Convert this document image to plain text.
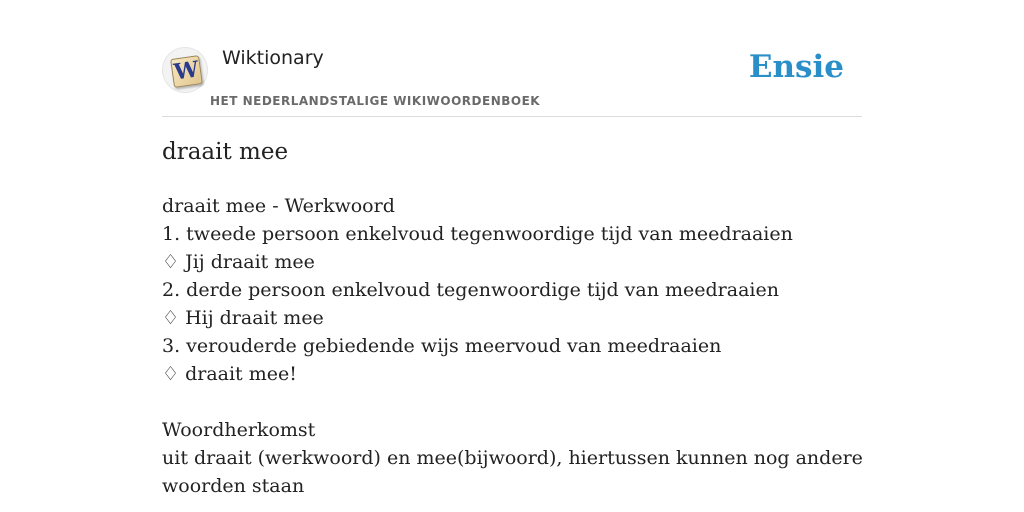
W Wiktionary
HET NEDERLANDSTALIGE WIKIWOORDENBOEK
Ensie
draait mee
draait mee - Werkwoord
1. tweede persoon enkelvoud tegenwoordige tijd van meedraaien
♢ Jij draait mee
2. derde persoon enkelvoud tegenwoordige tijd van meedraaien
♢ Hij draait mee
3. verouderde gebiedende wijs meervoud van meedraaien
♢ draait mee!
Woordherkomst
uit draait (werkwoord) en mee(bijwoord), hiertussen kunnen nog andere woorden staan
